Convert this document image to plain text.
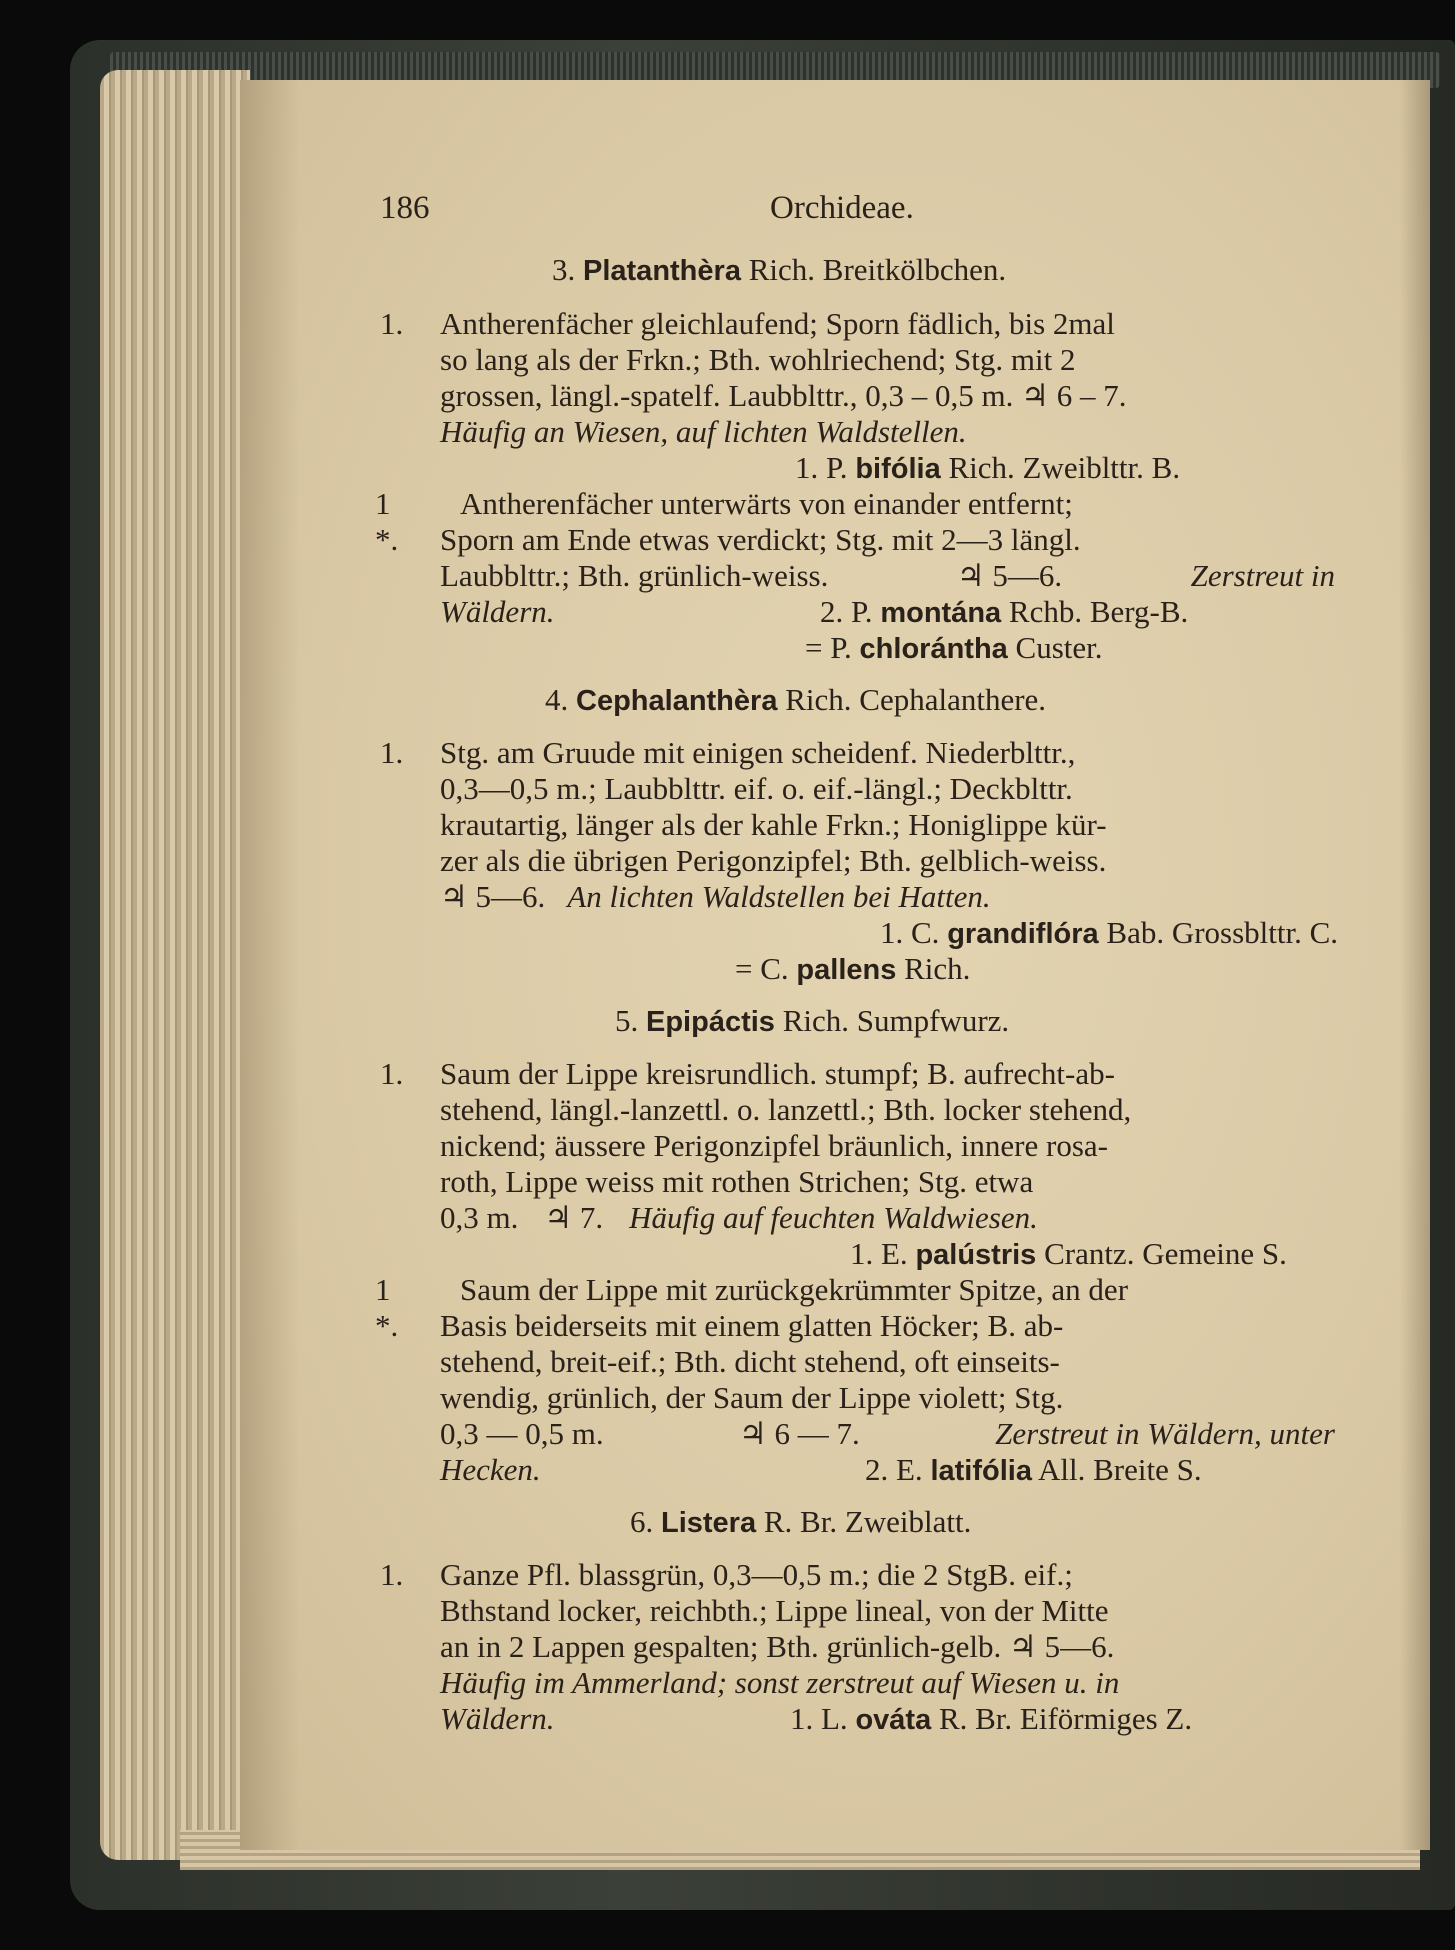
186	Orchideae.
3. Platanthèra Rich. Breitkölbchen.
1. Antherenfächer gleichlaufend; Sporn fädlich, bis 2mal
so lang als der Frkn.; Bth. wohlriechend; Stg. mit 2
grossen, längl.-spatelf. Laubblttr., 0,3 – 0,5 m. ♃ 6 – 7.
Häufig an Wiesen, auf lichten Waldstellen.
1. P. bifólia Rich. Zweiblttr. B.
1 *.
Antherenfächer unterwärts von einander entfernt;
Sporn am Ende etwas verdickt; Stg. mit 2—3 längl.
Laubblttr.; Bth. grünlich-weiss.	♃ 5—6.	Zerstreut in
Wäldern.	2. P. montána Rchb. Berg-B.
= P. chlorántha Custer.
4. Cephalanthèra Rich. Cephalanthere.
1. Stg. am Gruude mit einigen scheidenf. Niederblttr.,
0,3—0,5 m.; Laubblttr. eif. o. eif.-längl.; Deckblttr.
krautartig, länger als der kahle Frkn.; Honiglippe kür-
zer als die übrigen Perigonzipfel; Bth. gelblich-weiss.
♃ 5—6. An lichten Waldstellen bei Hatten.
1. C. grandiflóra Bab. Grossblttr. C.
= C. pallens Rich.
5. Epipáctis Rich. Sumpfwurz.
1. Saum der Lippe kreisrundlich. stumpf; B. aufrecht-ab-
stehend, längl.-lanzettl. o. lanzettl.; Bth. locker stehend,
nickend; äussere Perigonzipfel bräunlich, innere rosa-
roth, Lippe weiss mit rothen Strichen; Stg. etwa
0,3 m. ♃ 7. Häufig auf feuchten Waldwiesen.
1. E. palústris Crantz. Gemeine S.
1 *.
Saum der Lippe mit zurückgekrümmter Spitze, an der
Basis beiderseits mit einem glatten Höcker; B. ab-
stehend, breit-eif.; Bth. dicht stehend, oft einseits-
wendig, grünlich, der Saum der Lippe violett; Stg.
0,3 — 0,5 m.	♃ 6 — 7.	Zerstreut in Wäldern, unter
Hecken.	2. E. latifólia All. Breite S.
6. Listera R. Br. Zweiblatt.
1. Ganze Pfl. blassgrün, 0,3—0,5 m.; die 2 StgB. eif.;
Bthstand locker, reichbth.; Lippe lineal, von der Mitte
an in 2 Lappen gespalten; Bth. grünlich-gelb. ♃ 5—6.
Häufig im Ammerland; sonst zerstreut auf Wiesen u. in
Wäldern.	1. L. ováta R. Br. Eiförmiges Z.
